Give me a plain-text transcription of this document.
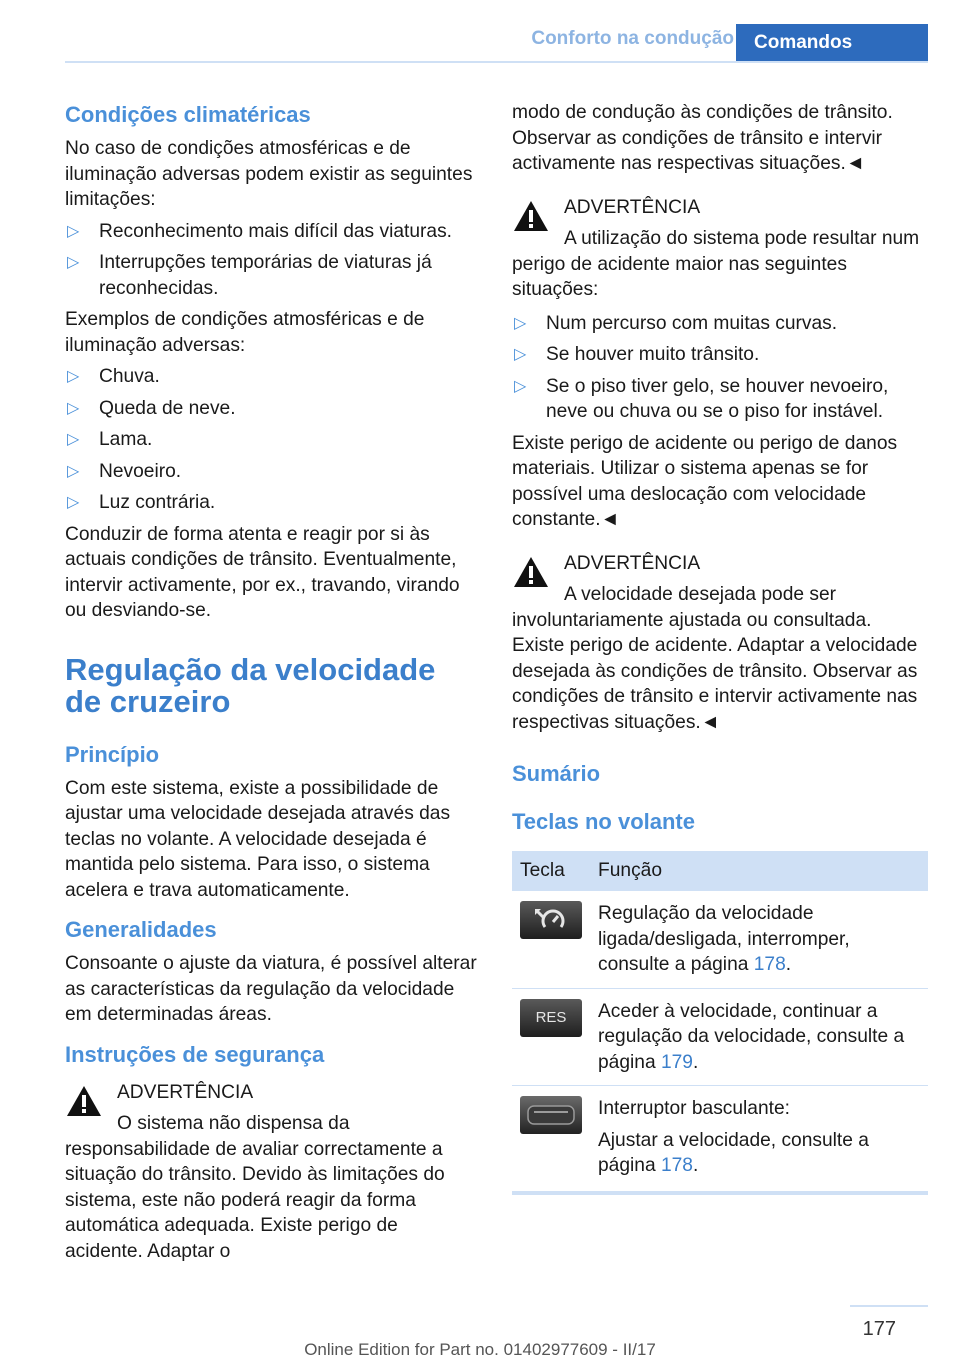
Conforto na condução	Comandos
Condições climatéricas

No caso de condições atmosféricas e de iluminação adversas podem existir as seguintes limitações:

▷ Reconhecimento mais difícil das viaturas.
▷ Interrupções temporárias de viaturas já reconhecidas.

Exemplos de condições atmosféricas e de iluminação adversas:

▷ Chuva.
▷ Queda de neve.
▷ Lama.
▷ Nevoeiro.
▷ Luz contrária.

Conduzir de forma atenta e reagir por si às actuais condições de trânsito. Eventualmente, intervir activamente, por ex., travando, virando ou desviando-se.

Regulação da velocidade de cruzeiro
Princípio

Com este sistema, existe a possibilidade de ajustar uma velocidade desejada através das teclas no volante. A velocidade desejada é mantida pelo sistema. Para isso, o sistema acelera e trava automaticamente.

Generalidades

Consoante o ajuste da viatura, é possível alterar as características da regulação da velocidade em determinadas áreas.

Instruções de segurança
ADVERTÊNCIA
O sistema não dispensa da responsabilidade de avaliar correctamente a situação do trânsito. Devido às limitações do sistema, este não poderá reagir da forma automática adequada. Existe perigo de acidente. Adaptar o

modo de condução às condições de trânsito. Observar as condições de trânsito e intervir activamente nas respectivas situações.◄

ADVERTÊNCIA
A utilização do sistema pode resultar num perigo de acidente maior nas seguintes situações:
▷ Num percurso com muitas curvas.
▷ Se houver muito trânsito.
▷ Se o piso tiver gelo, se houver nevoeiro, neve ou chuva ou se o piso for instável.

Existe perigo de acidente ou perigo de danos materiais. Utilizar o sistema apenas se for possível uma deslocação com velocidade constante.◄

ADVERTÊNCIA
A velocidade desejada pode ser involuntariamente ajustada ou consultada. Existe perigo de acidente. Adaptar a velocidade desejada às condições de trânsito. Observar as condições de trânsito e intervir activamente nas respectivas situações.◄
Sumário
Teclas no volante
Tecla	Função

	Regulação da velocidade ligada/desligada, interromper, consulte a página 178.

RES	Aceder à velocidade, continuar a regulação da velocidade, consulte a página 179.

Interruptor basculante:
Ajustar a velocidade, consulte a página 178.
177
Online Edition for Part no. 01402977609 - II/17
